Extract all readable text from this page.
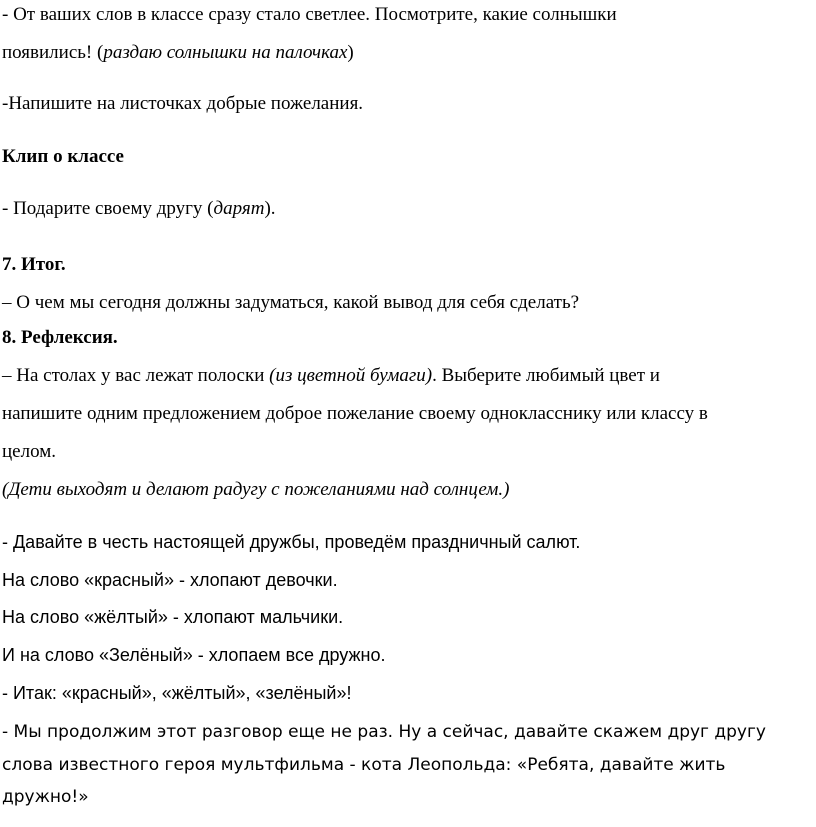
- От ваших слов в классе сразу стало светлее. Посмотрите, какие солнышки
появились! (раздаю солнышки на палочках)
-Напишите на листочках добрые пожелания.
Клип о классе
- Подарите своему другу (дарят).
7. Итог.
– О чем мы сегодня должны задуматься, какой вывод для себя сделать?
8. Рефлексия.
– На столах у вас лежат полоски (из цветной бумаги). Выберите любимый цвет и
напишите одним предложением доброе пожелание своему однокласснику или классу в
целом.
(Дети выходят и делают радугу с пожеланиями над солнцем.)
- Давайте в честь настоящей дружбы, проведём праздничный салют.
На слово «красный» - хлопают девочки.
На слово «жёлтый» - хлопают мальчики.
И на слово «Зелёный» - хлопаем все дружно.
- Итак: «красный», «жёлтый», «зелёный»!
- Мы продолжим этот разговор еще не раз. Ну а сейчас, давайте скажем друг другу
слова известного героя мультфильма - кота Леопольда: «Ребята, давайте жить
дружно!»
